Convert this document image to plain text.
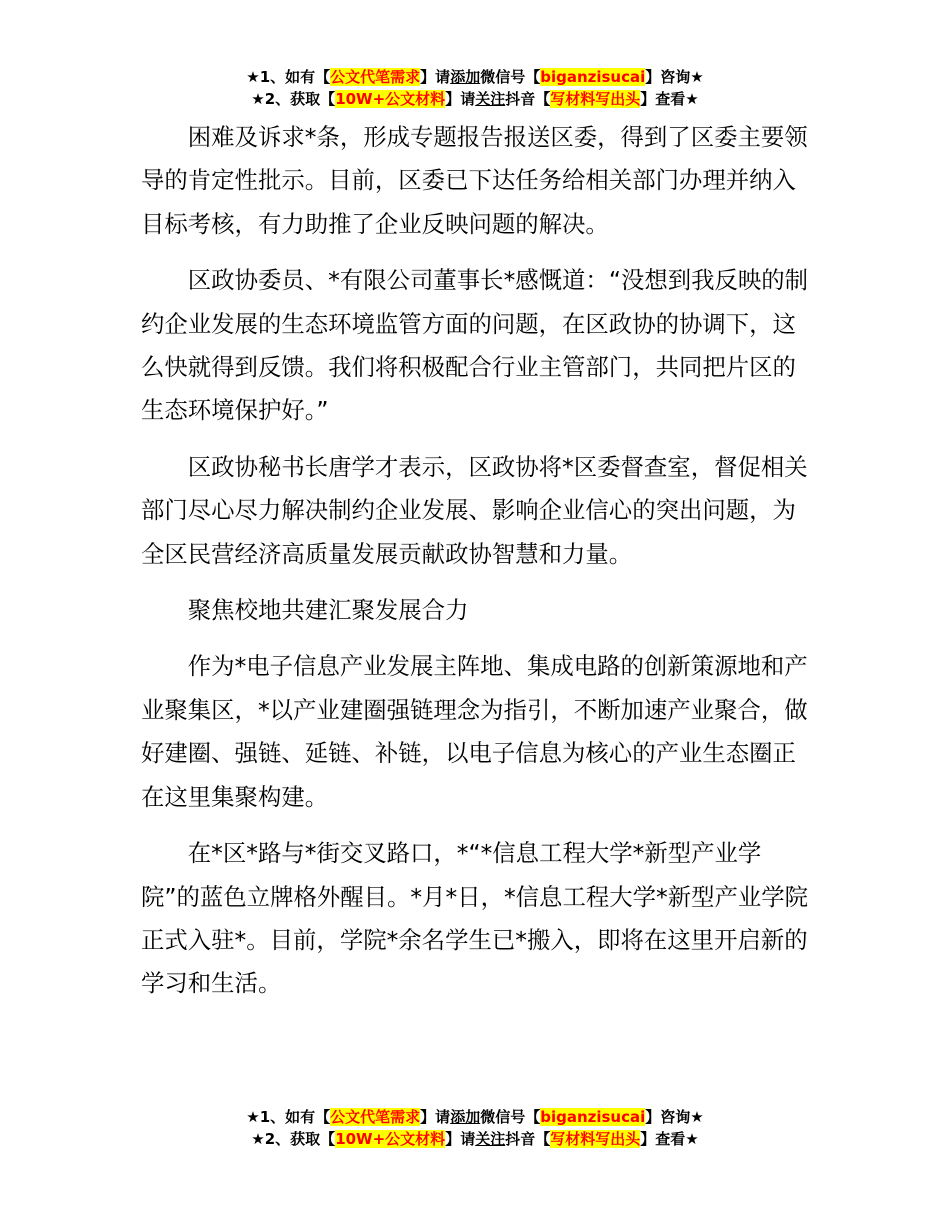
★1、如有【公文代笔需求】请添加微信号【biganzisucai】咨询★
★2、获取【10W+公文材料】请关注抖音【写材料写出头】查看★

困难及诉求*条，形成专题报告报送区委，得到了区委主要领导的肯定性批示。目前，区委已下达任务给相关部门办理并纳入目标考核，有力助推了企业反映问题的解决。

区政协委员、*有限公司董事长*感慨道：“没想到我反映的制约企业发展的生态环境监管方面的问题，在区政协的协调下，这么快就得到反馈。我们将积极配合行业主管部门，共同把片区的生态环境保护好。”

区政协秘书长唐学才表示，区政协将*区委督查室，督促相关部门尽心尽力解决制约企业发展、影响企业信心的突出问题，为全区民营经济高质量发展贡献政协智慧和力量。

聚焦校地共建汇聚发展合力

作为*电子信息产业发展主阵地、集成电路的创新策源地和产业聚集区，*以产业建圈强链理念为指引，不断加速产业聚合，做好建圈、强链、延链、补链，以电子信息为核心的产业生态圈正在这里集聚构建。

在*区*路与*街交叉路口，*“*信息工程大学*新型产业学院”的蓝色立牌格外醒目。*月*日，*信息工程大学*新型产业学院正式入驻*。目前，学院*余名学生已*搬入，即将在这里开启新的学习和生活。

★1、如有【公文代笔需求】请添加微信号【biganzisucai】咨询★
★2、获取【10W+公文材料】请关注抖音【写材料写出头】查看★
